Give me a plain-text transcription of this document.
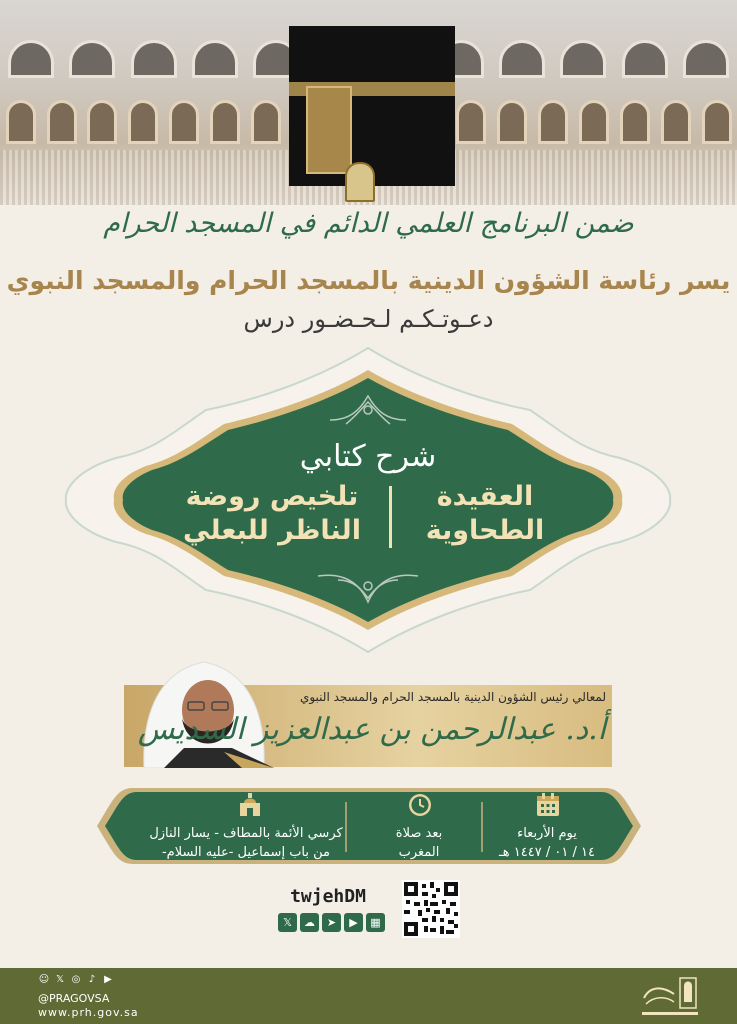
ضمن البرنامج العلمي الدائم في المسجد الحرام
يسر رئاسة الشؤون الدينية بالمسجد الحرام والمسجد النبوي
دعـوتـكـم لـحـضـور درس
شرح كتابي
العقيدة
الطحاوية
تلخيص روضة
الناظر للبعلي
لمعالي رئيس الشؤون الدينية بالمسجد الحرام والمسجد النبوي
أ.د. عبدالرحمن بن عبدالعزيز السديس
يوم الأربعاء
١٤ / ٠١ / ١٤٤٧ هـ
بعد صلاة
المغرب
كرسي الأئمة بالمطاف - يسار النازل
من باب إسماعيل -عليه السلام-
twjehDM
𝕏	☁	➤	▶	▦
☺ 𝕏 ◎ ♪ ▶
@PRAGOVSA
www.prh.gov.sa
